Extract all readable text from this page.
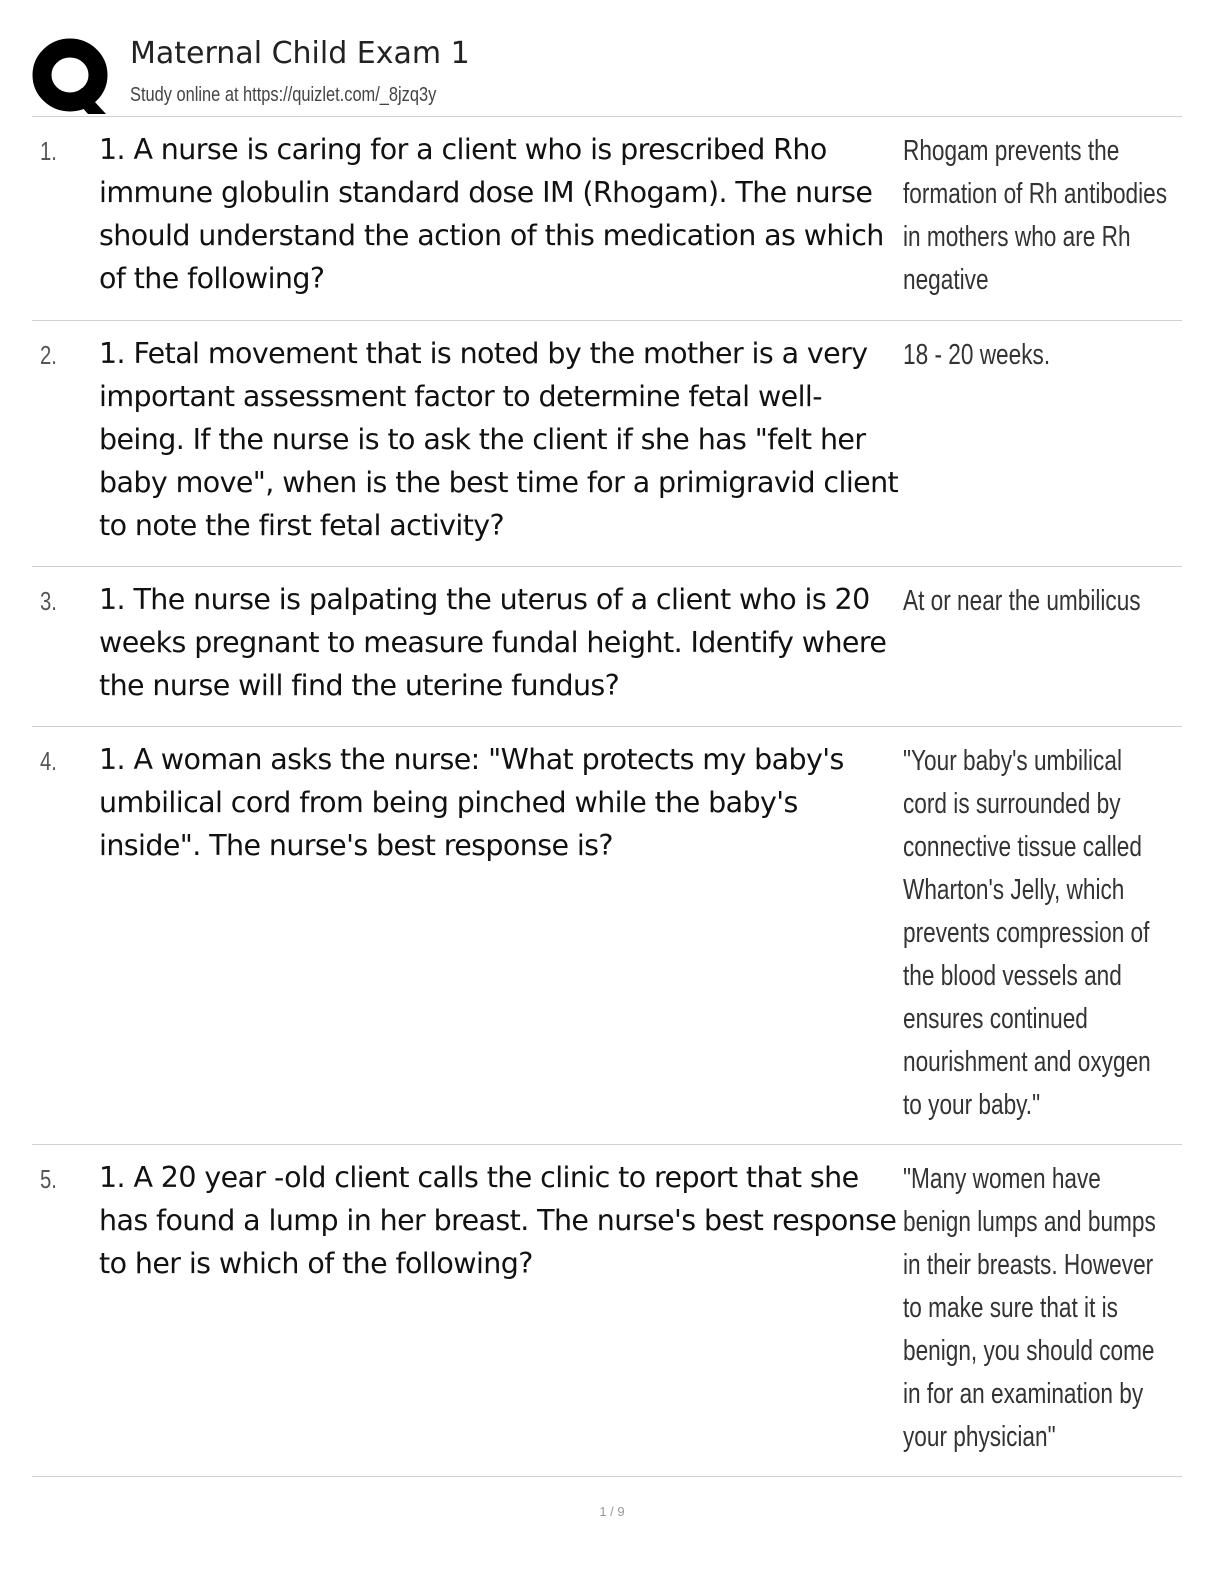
Maternal Child Exam 1
Study online at https://quizlet.com/_8jzq3y
1. 1. A nurse is caring for a client who is prescribed Rho immune globulin standard dose IM (Rhogam). The nurse should understand the action of this medication as which of the following?
Rhogam prevents the formation of Rh antibodies in mothers who are Rh negative
2. 1. Fetal movement that is noted by the mother is a very important assessment factor to determine fetal well-being. If the nurse is to ask the client if she has "felt her baby move", when is the best time for a primigravid client to note the first fetal activity?
18 - 20 weeks.
3. 1. The nurse is palpating the uterus of a client who is 20 weeks pregnant to measure fundal height. Identify where the nurse will find the uterine fundus?
At or near the umbilicus
4. 1. A woman asks the nurse: "What protects my baby's umbilical cord from being pinched while the baby's inside". The nurse's best response is?
"Your baby's umbilical cord is surrounded by connective tissue called Wharton's Jelly, which prevents compression of the blood vessels and ensures continued nourishment and oxygen to your baby."
5. 1. A 20 year -old client calls the clinic to report that she has found a lump in her breast. The nurse's best response to her is which of the following?
"Many women have benign lumps and bumps in their breasts. However to make sure that it is benign, you should come in for an examination by your physician"
1 / 9
